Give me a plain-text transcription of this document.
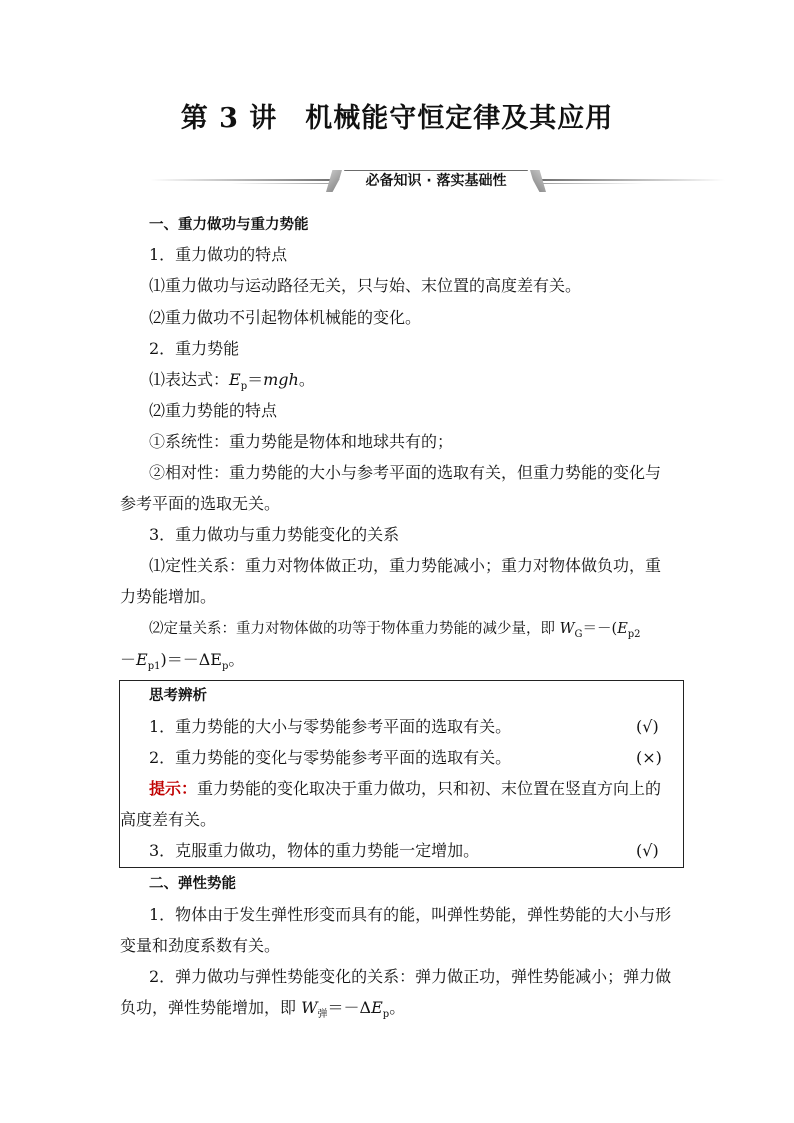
第 3 讲　机械能守恒定律及其应用
必备知识 · 落实基础性
一、重力做功与重力势能
1．重力做功的特点
⑴重力做功与运动路径无关，只与始、末位置的高度差有关。
⑵重力做功不引起物体机械能的变化。
2．重力势能
⑴表达式：$E_p=mgh$。
⑵重力势能的特点
①系统性：重力势能是物体和地球共有的；
②相对性：重力势能的大小与参考平面的选取有关，但重力势能的变化与
参考平面的选取无关。
3．重力做功与重力势能变化的关系
⑴定性关系：重力对物体做正功，重力势能减小；重力对物体做负功，重
力势能增加。
⑵定量关系：重力对物体做的功等于物体重力势能的减少量，即 $W_G=-(E_{p2}$
$-E_{p1})=-\Delta E_p$。
思考辨析
1．重力势能的大小与零势能参考平面的选取有关。	(√)
2．重力势能的变化与零势能参考平面的选取有关。	(×)
提示：重力势能的变化取决于重力做功，只和初、末位置在竖直方向上的
高度差有关。
3．克服重力做功，物体的重力势能一定增加。	(√)
二、弹性势能
1．物体由于发生弹性形变而具有的能，叫弹性势能，弹性势能的大小与形
变量和劲度系数有关。
2．弹力做功与弹性势能变化的关系：弹力做正功，弹性势能减小；弹力做
负功，弹性势能增加，即 $W_弹=-\Delta E_p$。
